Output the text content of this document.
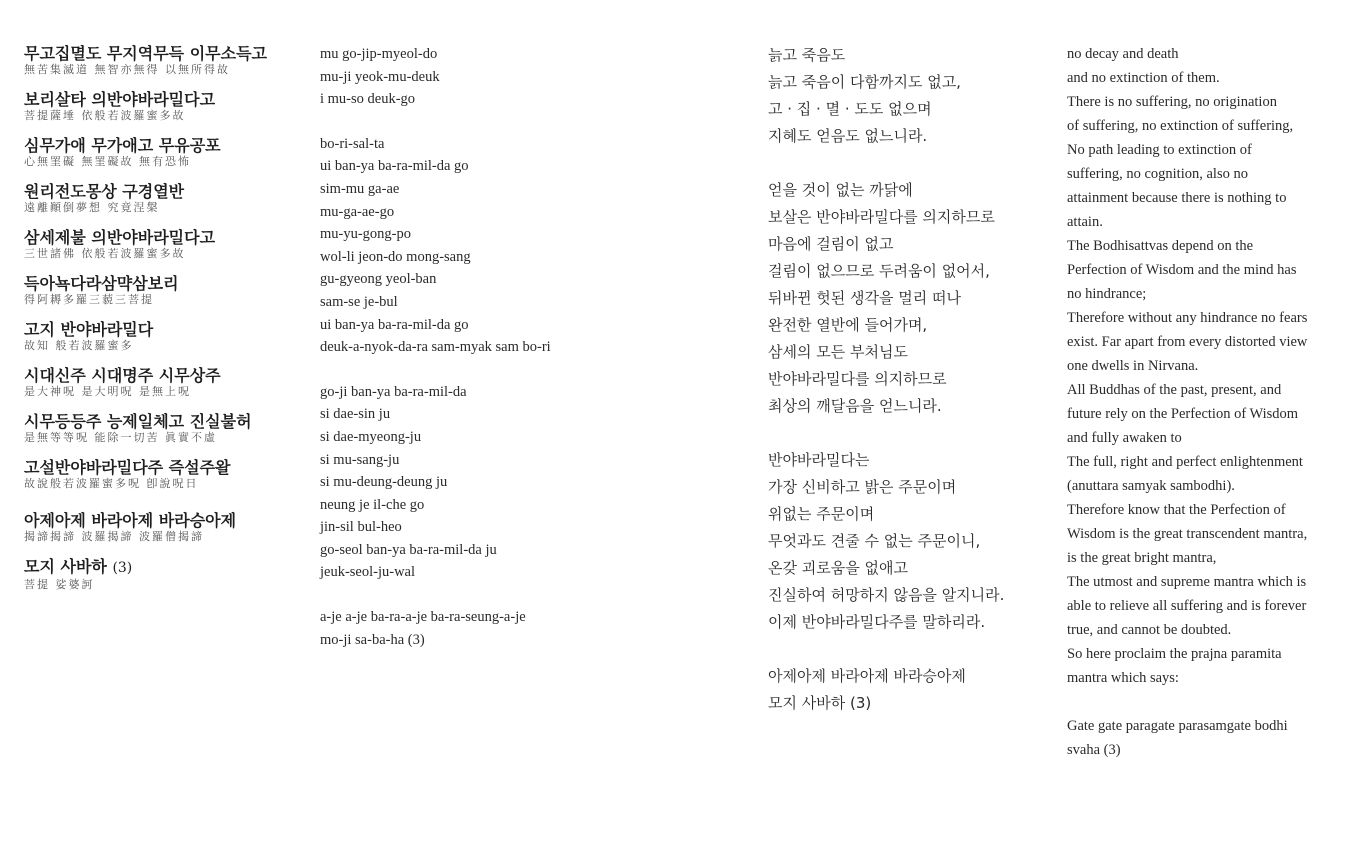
무고집멸도 무지역무득 이무소득고
無苦集滅道 無智亦無得 以無所得故
보리살타 의반야바라밀다고
菩提薩埵 依般若波羅蜜多故
심무가애 무가애고 무유공포
心無罣礙 無罣礙故 無有恐怖
원리전도몽상 구경열반
遠離顚倒夢想 究竟涅槃
삼세제불 의반야바라밀다고
三世諸佛 依般若波羅蜜多故
득아뇩다라삼먁삼보리
得阿耨多羅三藐三菩提
고지 반야바라밀다
故知 般若波羅蜜多
시대신주 시대명주 시무상주
是大神呪 是大明呪 是無上呪
시무등등주 능제일체고 진실불허
是無等等呪 能除一切苦 眞實不虛
고설반야바라밀다주 즉설주왈
故說般若波羅蜜多呪 卽說呪日
아제아제 바라아제 바라승아제
揭諦揭諦 波羅揭諦 波羅僧揭諦
모지 사바하 (3)
菩提 娑婆訶
mu go-jip-myeol-do
mu-ji yeok-mu-deuk
i mu-so deuk-go
bo-ri-sal-ta
ui ban-ya ba-ra-mil-da go
sim-mu ga-ae
mu-ga-ae-go
mu-yu-gong-po
wol-li jeon-do mong-sang
gu-gyeong yeol-ban
sam-se je-bul
ui ban-ya ba-ra-mil-da go
deuk-a-nyok-da-ra sam-myak sam bo-ri
go-ji ban-ya ba-ra-mil-da
si dae-sin ju
si dae-myeong-ju
si mu-sang-ju
si mu-deung-deung ju
neung je il-che go
jin-sil bul-heo
go-seol ban-ya ba-ra-mil-da ju
jeuk-seol-ju-wal
a-je a-je ba-ra-a-je ba-ra-seung-a-je
mo-ji sa-ba-ha (3)
늙고 죽음도
늙고 죽음이 다함까지도 없고,
고 · 집 · 멸 · 도도 없으며
지혜도 얻음도 없느니라.
얻을 것이 없는 까닭에
보살은 반야바라밀다를 의지하므로
마음에 걸림이 없고
걸림이 없으므로 두려움이 없어서,
뒤바뀐 헛된 생각을 멀리 떠나
완전한 열반에 들어가며,
삼세의 모든 부처님도
반야바라밀다를 의지하므로
최상의 깨달음을 얻느니라.
반야바라밀다는
가장 신비하고 밝은 주문이며
위없는 주문이며
무엇과도 견줄 수 없는 주문이니,
온갖 괴로움을 없애고
진실하여 허망하지 않음을 알지니라.
이제 반야바라밀다주를 말하리라.
아제아제 바라아제 바라승아제
모지 사바하 (3)
no decay and death
and no extinction of them.
There is no suffering, no origination
of suffering, no extinction of suffering,
No path leading to extinction of
suffering, no cognition, also no
attainment because there is nothing to
attain.
The Bodhisattvas depend on the
Perfection of Wisdom and the mind has
no hindrance;
Therefore without any hindrance no fears
exist. Far apart from every distorted view
one dwells in Nirvana.
All Buddhas of the past, present, and
future rely on the Perfection of Wisdom
and fully awaken to
The full, right and perfect enlightenment
(anuttara samyak sambodhi).
Therefore know that the Perfection of
Wisdom is the great transcendent mantra,
is the great bright mantra,
The utmost and supreme mantra which is
able to relieve all suffering and is forever
true, and cannot be doubted.
So here proclaim the prajna paramita
mantra which says:
Gate gate paragate parasamgate bodhi
svaha (3)
